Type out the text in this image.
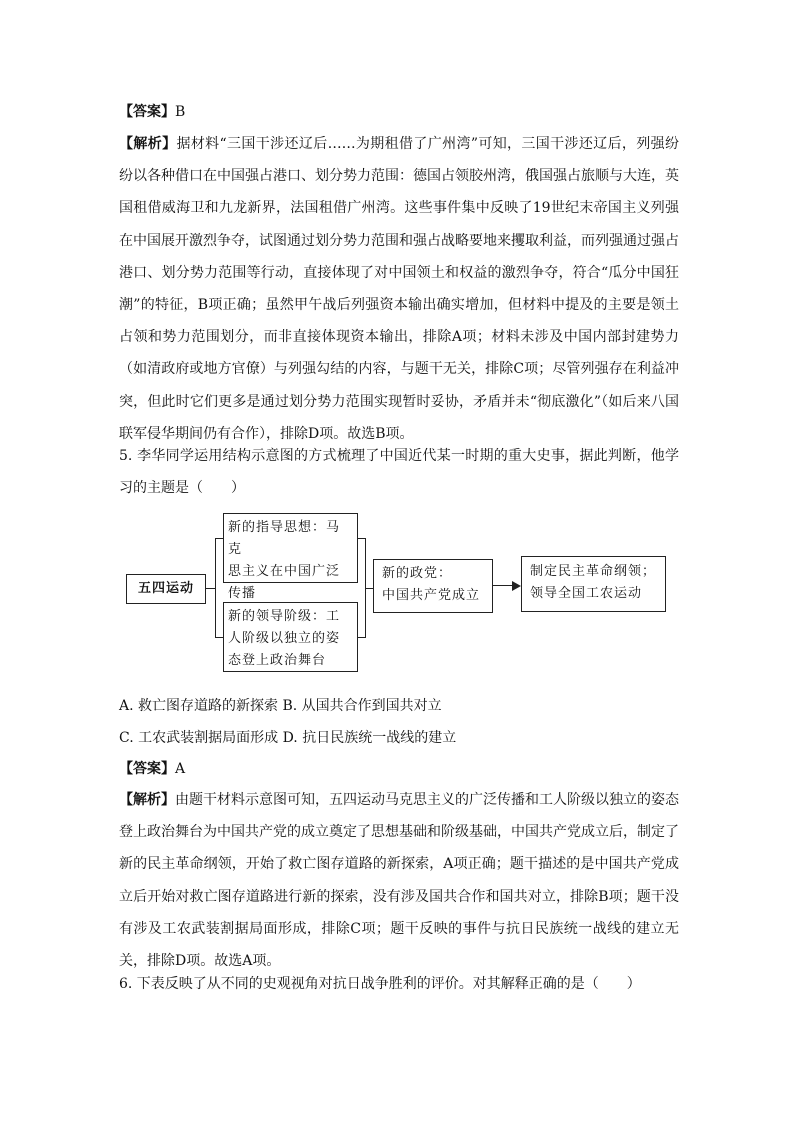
【答案】B

【解析】据材料“三国干涉还辽后……为期租借了广州湾”可知，三国干涉还辽后，列强纷纷以各种借口在中国强占港口、划分势力范围：德国占领胶州湾，俄国强占旅顺与大连，英国租借威海卫和九龙新界，法国租借广州湾。这些事件集中反映了19世纪末帝国主义列强在中国展开激烈争夺，试图通过划分势力范围和强占战略要地来攫取利益，而列强通过强占港口、划分势力范围等行动，直接体现了对中国领土和权益的激烈争夺，符合“瓜分中国狂潮”的特征，B项正确；虽然甲午战后列强资本输出确实增加，但材料中提及的主要是领土占领和势力范围划分，而非直接体现资本输出，排除A项；材料未涉及中国内部封建势力（如清政府或地方官僚）与列强勾结的内容，与题干无关，排除C项；尽管列强存在利益冲突，但此时它们更多是通过划分势力范围实现暂时妥协，矛盾并未“彻底激化”（如后来八国联军侵华期间仍有合作），排除D项。故选B项。

5. 李华同学运用结构示意图的方式梳理了中国近代某一时期的重大史事，据此判断，他学习的主题是（　　）

五四运动
新的指导思想：马克
思主义在中国广泛
传播
新的领导阶级：工
人阶级以独立的姿
态登上政治舞台
新的政党：
中国共产党成立
制定民主革命纲领；
领导全国工农运动

A. 救亡图存道路的新探索 B. 从国共合作到国共对立

C. 工农武装割据局面形成 D. 抗日民族统一战线的建立

【答案】A

【解析】由题干材料示意图可知，五四运动马克思主义的广泛传播和工人阶级以独立的姿态登上政治舞台为中国共产党的成立奠定了思想基础和阶级基础，中国共产党成立后，制定了新的民主革命纲领，开始了救亡图存道路的新探索，A项正确；题干描述的是中国共产党成立后开始对救亡图存道路进行新的探索，没有涉及国共合作和国共对立，排除B项；题干没有涉及工农武装割据局面形成，排除C项；题干反映的事件与抗日民族统一战线的建立无关，排除D项。故选A项。

6. 下表反映了从不同的史观视角对抗日战争胜利的评价。对其解释正确的是（　　）
